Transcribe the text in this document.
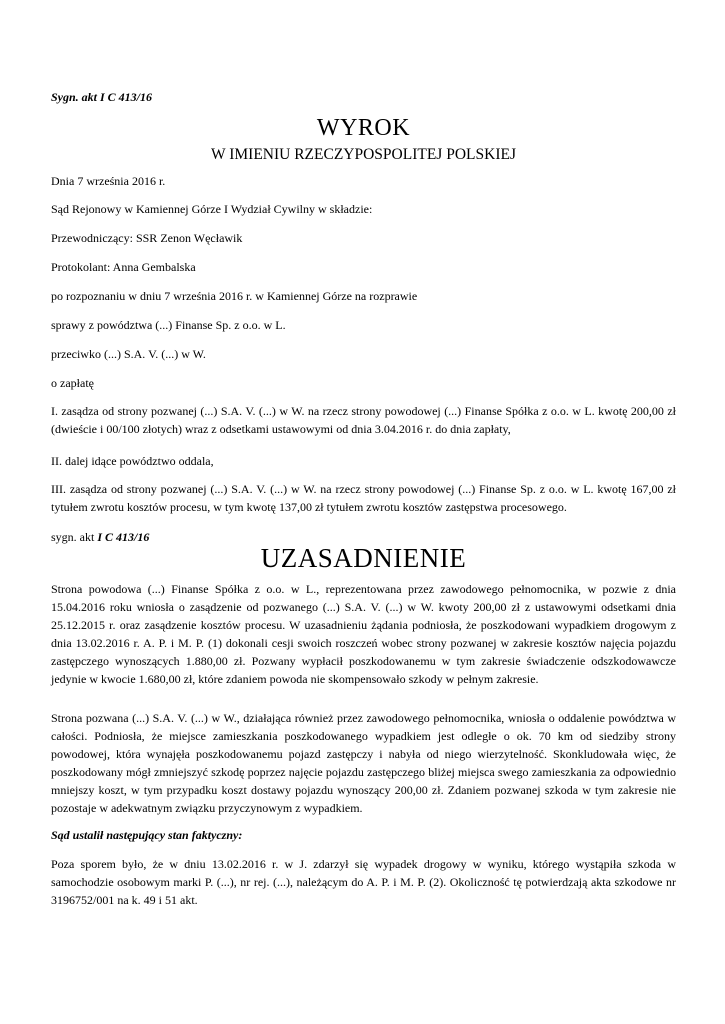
Sygn. akt I C 413/16

WYROK

W IMIENIU RZECZYPOSPOLITEJ POLSKIEJ

Dnia 7 września 2016 r.

Sąd Rejonowy w Kamiennej Górze I Wydział Cywilny w składzie:

Przewodniczący: SSR Zenon Węcławik

Protokolant: Anna Gembalska

po rozpoznaniu w dniu 7 września 2016 r. w Kamiennej Górze na rozprawie

sprawy z powództwa (...) Finanse Sp. z o.o. w L.

przeciwko (...) S.A. V. (...) w W.

o zapłatę

I. zasądza od strony pozwanej (...) S.A. V. (...) w W. na rzecz strony powodowej (...) Finanse Spółka z o.o. w L. kwotę 200,00 zł (dwieście i 00/100 złotych) wraz z odsetkami ustawowymi od dnia 3.04.2016 r. do dnia zapłaty,

II. dalej idące powództwo oddala,

III. zasądza od strony pozwanej (...) S.A. V. (...) w W. na rzecz strony powodowej (...) Finanse Sp. z o.o. w L. kwotę 167,00 zł tytułem zwrotu kosztów procesu, w tym kwotę 137,00 zł tytułem zwrotu kosztów zastępstwa procesowego.

sygn. akt I C 413/16

UZASADNIENIE

Strona powodowa (...) Finanse Spółka z o.o. w L., reprezentowana przez zawodowego pełnomocnika, w pozwie z dnia 15.04.2016 roku wniosła o zasądzenie od pozwanego (...) S.A. V. (...) w W. kwoty 200,00 zł z ustawowymi odsetkami dnia 25.12.2015 r. oraz zasądzenie kosztów procesu. W uzasadnieniu żądania podniosła, że poszkodowani wypadkiem drogowym z dnia 13.02.2016 r. A. P. i M. P. (1) dokonali cesji swoich roszczeń wobec strony pozwanej w zakresie kosztów najęcia pojazdu zastępczego wynoszących 1.880,00 zł. Pozwany wypłacił poszkodowanemu w tym zakresie świadczenie odszkodowawcze jedynie w kwocie 1.680,00 zł, które zdaniem powoda nie skompensowało szkody w pełnym zakresie.

Strona pozwana (...) S.A. V. (...) w W., działająca również przez zawodowego pełnomocnika, wniosła o oddalenie powództwa w całości. Podniosła, że miejsce zamieszkania poszkodowanego wypadkiem jest odległe o ok. 70 km od siedziby strony powodowej, która wynajęła poszkodowanemu pojazd zastępczy i nabyła od niego wierzytelność. Skonkludowała więc, że poszkodowany mógł zmniejszyć szkodę poprzez najęcie pojazdu zastępczego bliżej miejsca swego zamieszkania za odpowiednio mniejszy koszt, w tym przypadku koszt dostawy pojazdu wynoszący 200,00 zł. Zdaniem pozwanej szkoda w tym zakresie nie pozostaje w adekwatnym związku przyczynowym z wypadkiem.

Sąd ustalił następujący stan faktyczny:

Poza sporem było, że w dniu 13.02.2016 r. w J. zdarzył się wypadek drogowy w wyniku, którego wystąpiła szkoda w samochodzie osobowym marki P. (...), nr rej. (...), należącym do A. P. i M. P. (2). Okoliczność tę potwierdzają akta szkodowe nr 3196752/001 na k. 49 i 51 akt.
